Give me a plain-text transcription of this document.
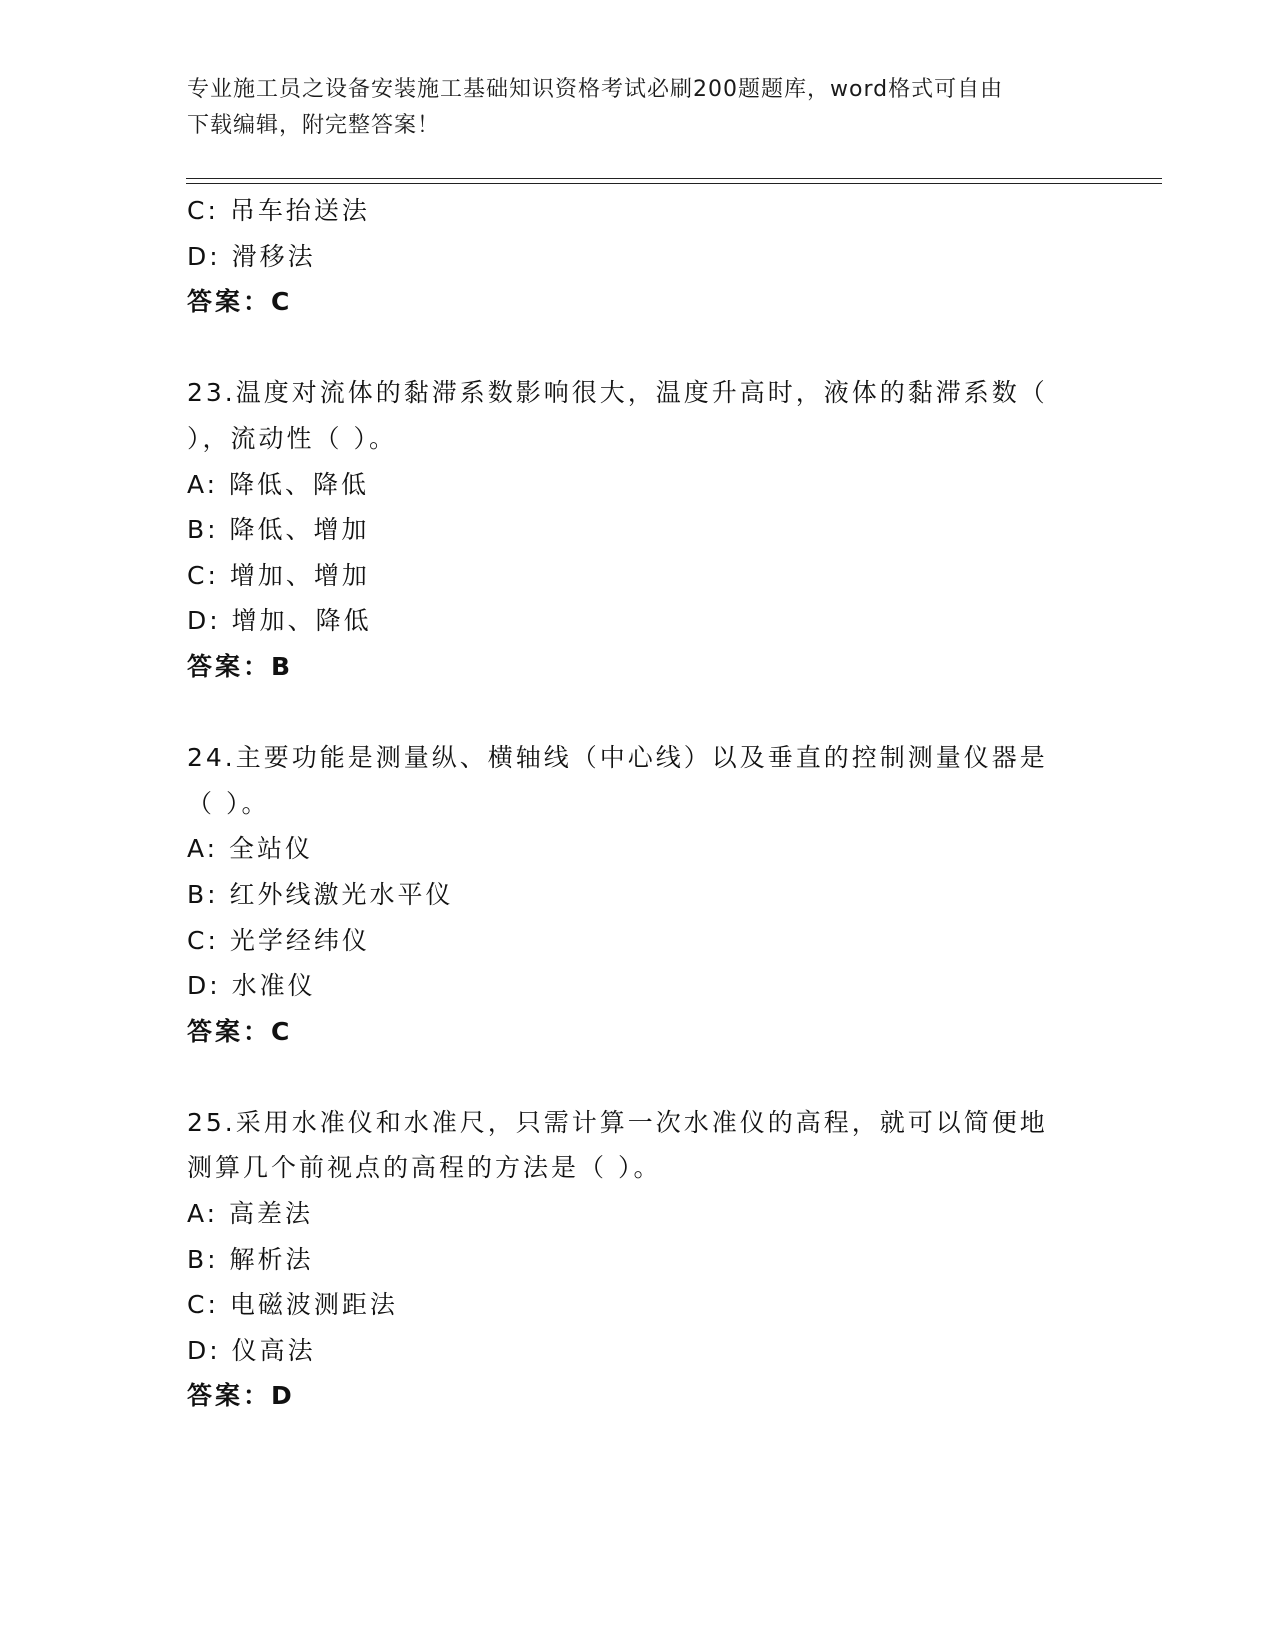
专业施工员之设备安装施工基础知识资格考试必刷200题题库，word格式可自由
下载编辑，附完整答案！
C: 吊车抬送法
D: 滑移法
答案：C
23.温度对流体的黏滞系数影响很大，温度升高时，液体的黏滞系数（
），流动性（ ）。
A: 降低、降低
B: 降低、增加
C: 增加、增加
D: 增加、降低
答案：B
24.主要功能是测量纵、横轴线（中心线）以及垂直的控制测量仪器是
（ ）。
A: 全站仪
B: 红外线激光水平仪
C: 光学经纬仪
D: 水准仪
答案：C
25.采用水准仪和水准尺，只需计算一次水准仪的高程，就可以简便地
测算几个前视点的高程的方法是（ ）。
A: 高差法
B: 解析法
C: 电磁波测距法
D: 仪高法
答案：D
